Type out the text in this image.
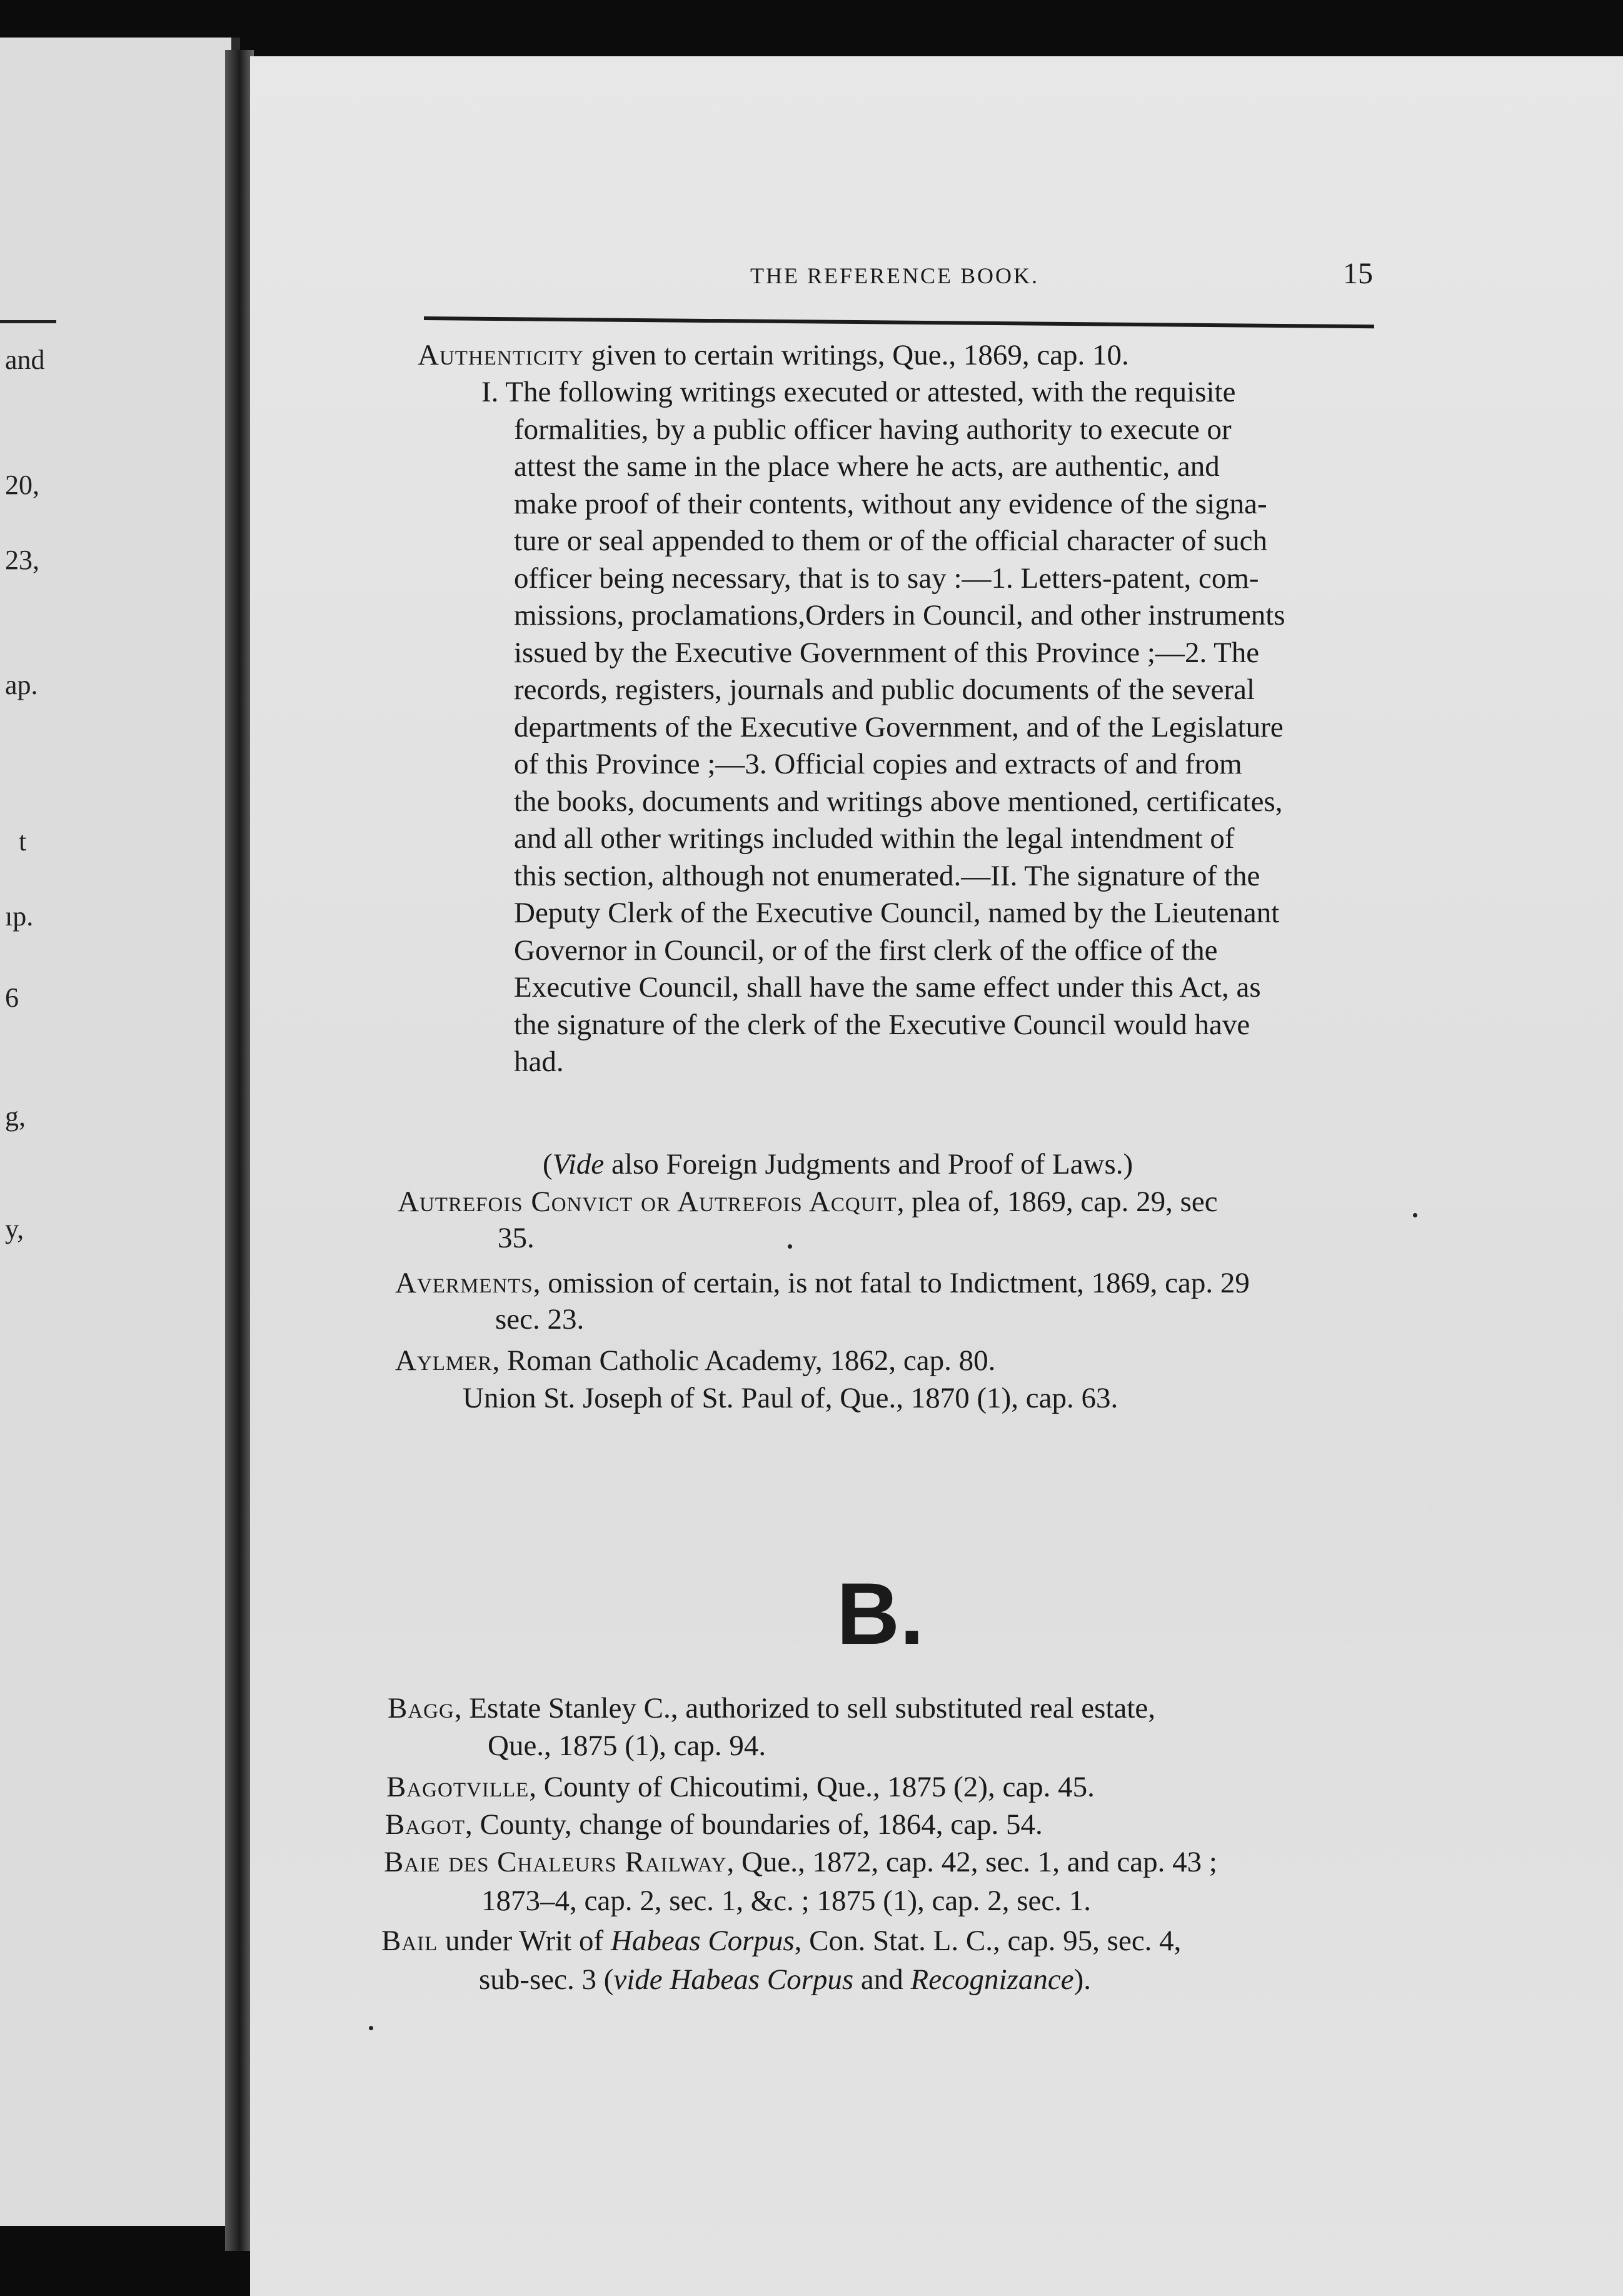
and
20,
23,
ap.
t
ıp.
6
g,
y,
THE REFERENCE BOOK.	15
Authenticity given to certain writings, Que., 1869, cap. 10.
I. The following writings executed or attested, with the requisite
formalities, by a public officer having authority to execute or
attest the same in the place where he acts, are authentic, and
make proof of their contents, without any evidence of the signa-
ture or seal appended to them or of the official character of such
officer being necessary, that is to say :—1. Letters-patent, com-
missions, proclamations,Orders in Council, and other instruments
issued by the Executive Government of this Province ;—2. The
records, registers, journals and public documents of the several
departments of the Executive Government, and of the Legislature
of this Province ;—3. Official copies and extracts of and from
the books, documents and writings above mentioned, certificates,
and all other writings included within the legal intendment of
this section, although not enumerated.—II. The signature of the
Deputy Clerk of the Executive Council, named by the Lieutenant
Governor in Council, or of the first clerk of the office of the
Executive Council, shall have the same effect under this Act, as
the signature of the clerk of the Executive Council would have
had.
(Vide also Foreign Judgments and Proof of Laws.)
Autrefois Convict or Autrefois Acquit, plea of, 1869, cap. 29, sec
35.
Averments, omission of certain, is not fatal to Indictment, 1869, cap. 29
sec. 23.
Aylmer, Roman Catholic Academy, 1862, cap. 80.
Union St. Joseph of St. Paul of, Que., 1870 (1), cap. 63.
B.
Bagg, Estate Stanley C., authorized to sell substituted real estate,
Que., 1875 (1), cap. 94.
Bagotville, County of Chicoutimi, Que., 1875 (2), cap. 45.
Bagot, County, change of boundaries of, 1864, cap. 54.
Baie des Chaleurs Railway, Que., 1872, cap. 42, sec. 1, and cap. 43 ;
1873–4, cap. 2, sec. 1, &c. ; 1875 (1), cap. 2, sec. 1.
Bail under Writ of Habeas Corpus, Con. Stat. L. C., cap. 95, sec. 4,
sub-sec. 3 (vide Habeas Corpus and Recognizance).
